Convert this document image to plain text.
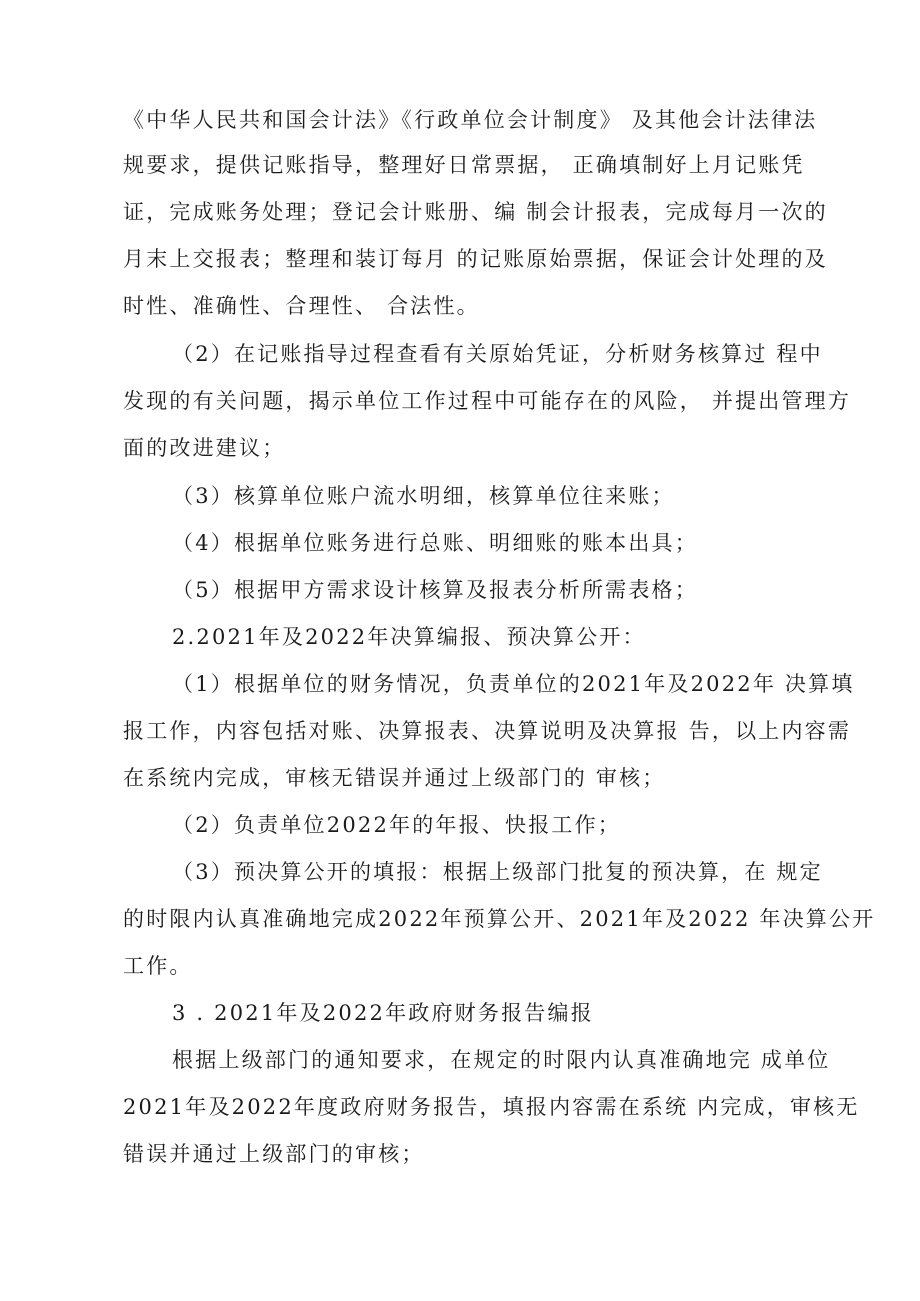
《中华人民共和国会计法》《行政单位会计制度》 及其他会计法律法
规要求，提供记账指导，整理好日常票据， 正确填制好上月记账凭
证，完成账务处理；登记会计账册、编 制会计报表，完成每月一次的
月末上交报表；整理和装订每月 的记账原始票据，保证会计处理的及
时性、准确性、合理性、 合法性。
（2）在记账指导过程查看有关原始凭证，分析财务核算过 程中
发现的有关问题，揭示单位工作过程中可能存在的风险， 并提出管理方
面的改进建议；
（3）核算单位账户流水明细，核算单位往来账；
（4）根据单位账务进行总账、明细账的账本出具；
（5）根据甲方需求设计核算及报表分析所需表格；
2.2021年及2022年决算编报、预决算公开：
（1）根据单位的财务情况，负责单位的2021年及2022年 决算填
报工作，内容包括对账、决算报表、决算说明及决算报 告，以上内容需
在系统内完成，审核无错误并通过上级部门的 审核；
（2）负责单位2022年的年报、快报工作；
（3）预决算公开的填报：根据上级部门批复的预决算，在 规定
的时限内认真准确地完成2022年预算公开、2021年及2022 年决算公开
工作。
3 . 2021年及2022年政府财务报告编报
根据上级部门的通知要求，在规定的时限内认真准确地完 成单位
2021年及2022年度政府财务报告，填报内容需在系统 内完成，审核无
错误并通过上级部门的审核；
